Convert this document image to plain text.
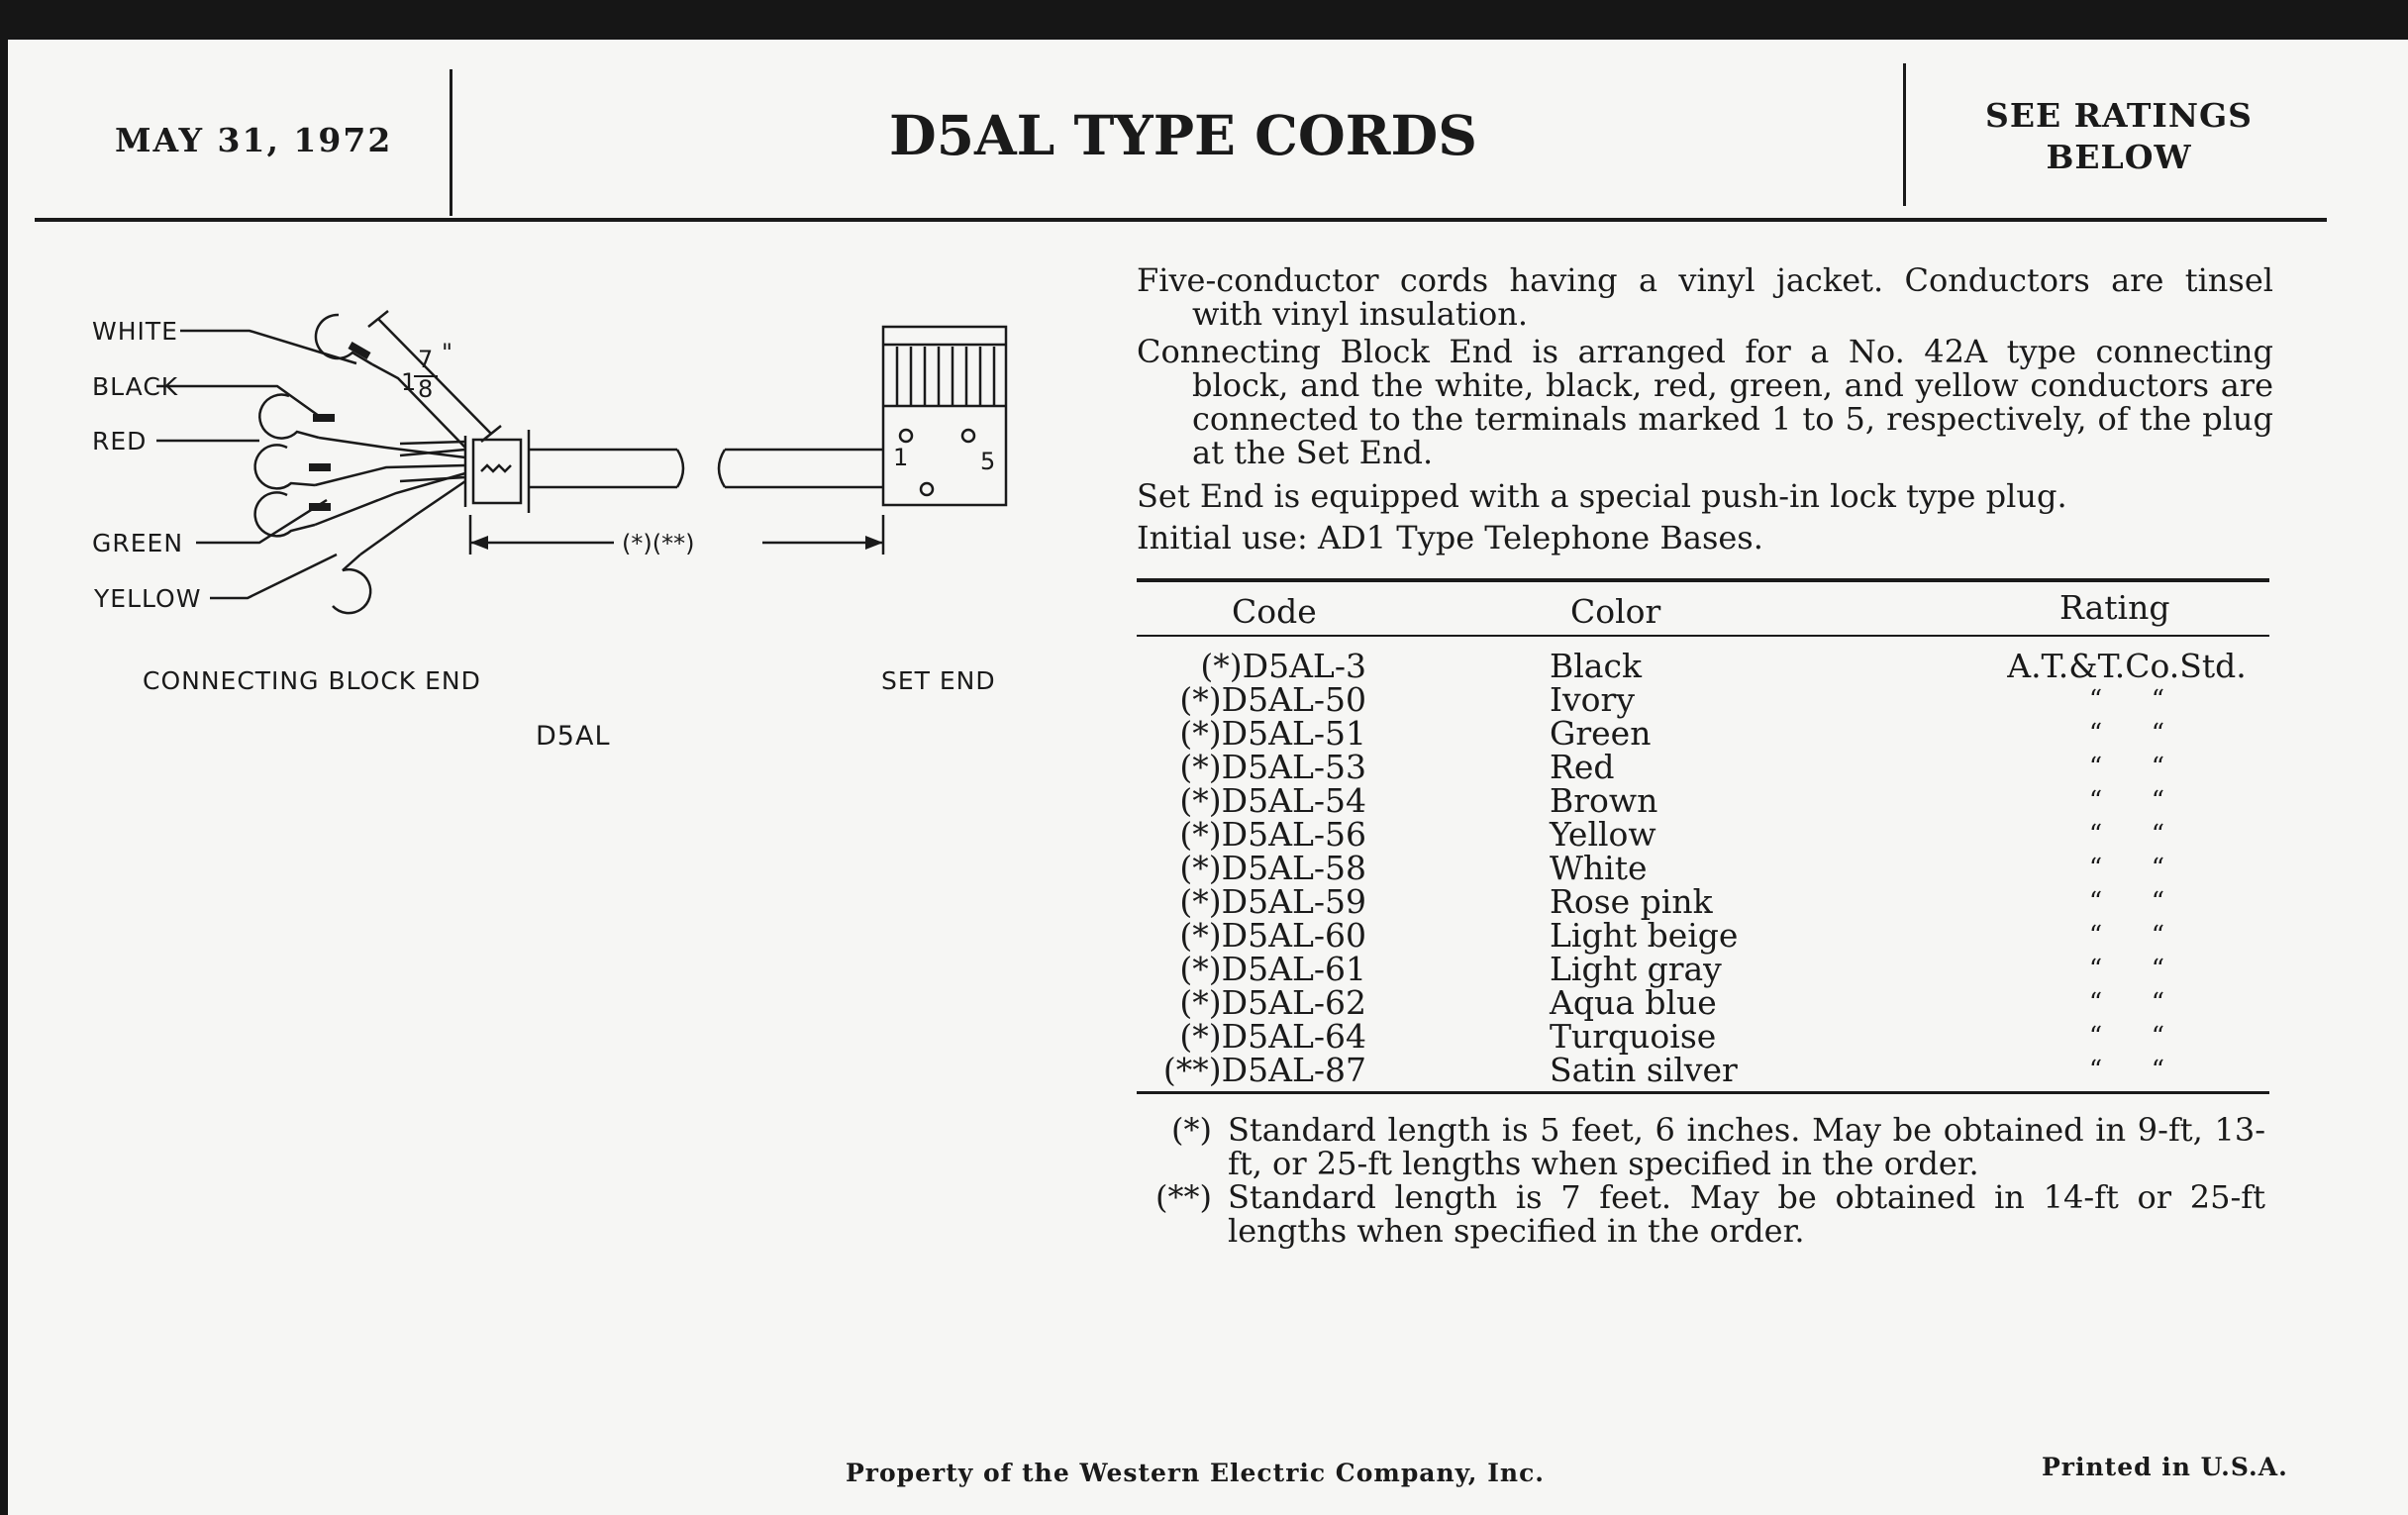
MAY 31, 1972	D5AL TYPE CORDS	SEE RATINGS
BELOW
1
7
8
"
(*)(**)
1	5
WHITE
BLACK
RED
GREEN
YELLOW
CONNECTING BLOCK END	SET END
D5AL
Five-conductor cords having a vinyl jacket. Conductors are tinsel
with vinyl insulation.
Connecting Block End is arranged for a No. 42A type connecting
block, and the white, black, red, green, and yellow conductors are connected to the terminals marked 1 to 5, respectively, of the plug at the Set End.
Set End is equipped with a special push-in lock type plug.
Initial use: AD1 Type Telephone Bases.
Code	Color	Rating
(*)D5AL-3	Black	A.T.&T.Co.Std.
(*)D5AL-50	Ivory	“      “
(*)D5AL-51	Green	“      “
(*)D5AL-53	Red	“      “
(*)D5AL-54	Brown	“      “
(*)D5AL-56	Yellow	“      “
(*)D5AL-58	White	“      “
(*)D5AL-59	Rose pink	“      “
(*)D5AL-60	Light beige	“      “
(*)D5AL-61	Light gray	“      “
(*)D5AL-62	Aqua blue	“      “
(*)D5AL-64	Turquoise	“      “
(**)D5AL-87	Satin silver	“      “
(*) Standard length is 5 feet, 6 inches. May be obtained in 9-ft, 13-ft, or 25-ft lengths when specified in the order.
(**) Standard length is 7 feet. May be obtained in 14-ft or 25-ft lengths when specified in the order.
Property of the Western Electric Company, Inc.	Printed in U.S.A.
